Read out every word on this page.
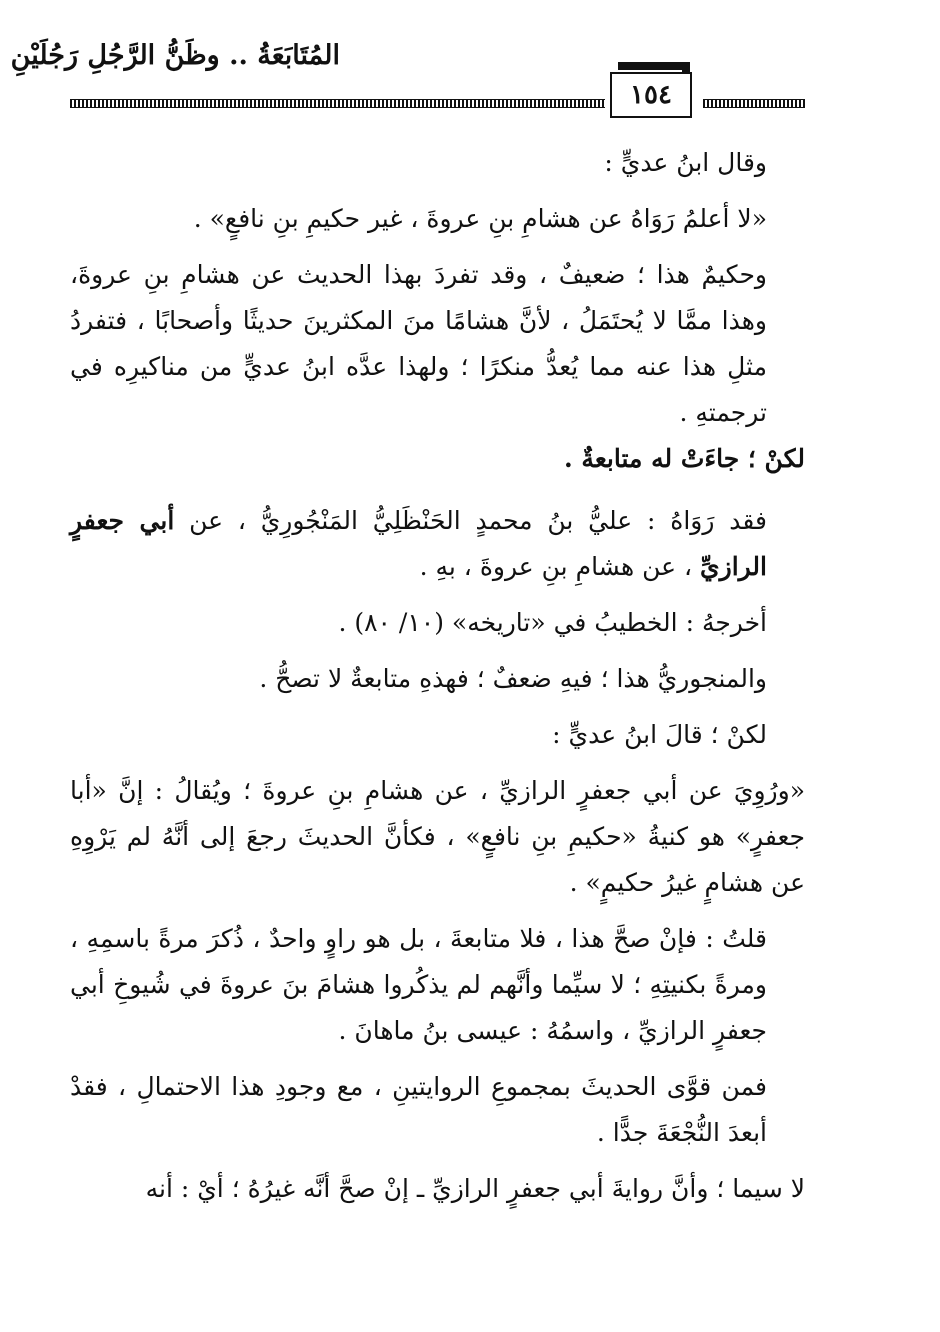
المُتَابَعَةُ .. وظَنُّ الرَّجُلِ رَجُلَيْنِ
١٥٤

وقال ابنُ عديٍّ :

«لا أعلمُ رَوَاهُ عن هشامِ بنِ عروةَ ، غير حكيمِ بنِ نافعٍ» .

وحكيمٌ هذا ؛ ضعيفٌ ، وقد تفردَ بهذا الحديث عن هشامِ بنِ عروةَ، وهذا ممَّا لا يُحتَمَلُ ، لأنَّ هشامًا منَ المكثرينَ حديثًا وأصحابًا ، فتفردُ مثلِ هذا عنه مما يُعدُّ منكرًا ؛ ولهذا عدَّه ابنُ عديٍّ من مناكيرِه في ترجمتهِ .

لكنْ ؛ جاءَتْ له متابعةٌ .

فقد رَوَاهُ : عليُّ بنُ محمدٍ الحَنْظَلِيُّ المَنْجُورِيُّ ، عن أبي جعفرٍ الرازيِّ ، عن هشامِ بنِ عروةَ ، بهِ .

أخرجهُ : الخطيبُ في «تاريخه» (١٠/ ٨٠) .

والمنجوريُّ هذا ؛ فيهِ ضعفٌ ؛ فهذهِ متابعةٌ لا تصحُّ .

لكنْ ؛ قالَ ابنُ عديٍّ :

«ورُوِيَ عن أبي جعفرٍ الرازيِّ ، عن هشامِ بنِ عروةَ ؛ ويُقالُ : إنَّ «أبا جعفرٍ» هو كنيةُ «حكيمِ بنِ نافعٍ» ، فكأنَّ الحديثَ رجعَ إلى أنَّهُ لم يَرْوِهِ عن هشامٍ غيرُ حكيمٍ» .

قلتُ : فإنْ صحَّ هذا ، فلا متابعةَ ، بل هو راوٍ واحدٌ ، ذُكرَ مرةً باسمِهِ ، ومرةً بكنيتِهِ ؛ لا سيِّما وأنَّهم لم يذكُروا هشامَ بنَ عروةَ في شُيوخِ أبي جعفرٍ الرازيِّ ، واسمُهُ : عيسى بنُ ماهانَ .

فمن قوَّى الحديثَ بمجموعِ الروايتينِ ، مع وجودِ هذا الاحتمالِ ، فقدْ أبعدَ النُّجْعَةَ جدًّا .

لا سيما ؛ وأنَّ روايةَ أبي جعفرٍ الرازيِّ ـ إنْ صحَّ أنَّه غيرُهُ ؛ أيْ : أنه
